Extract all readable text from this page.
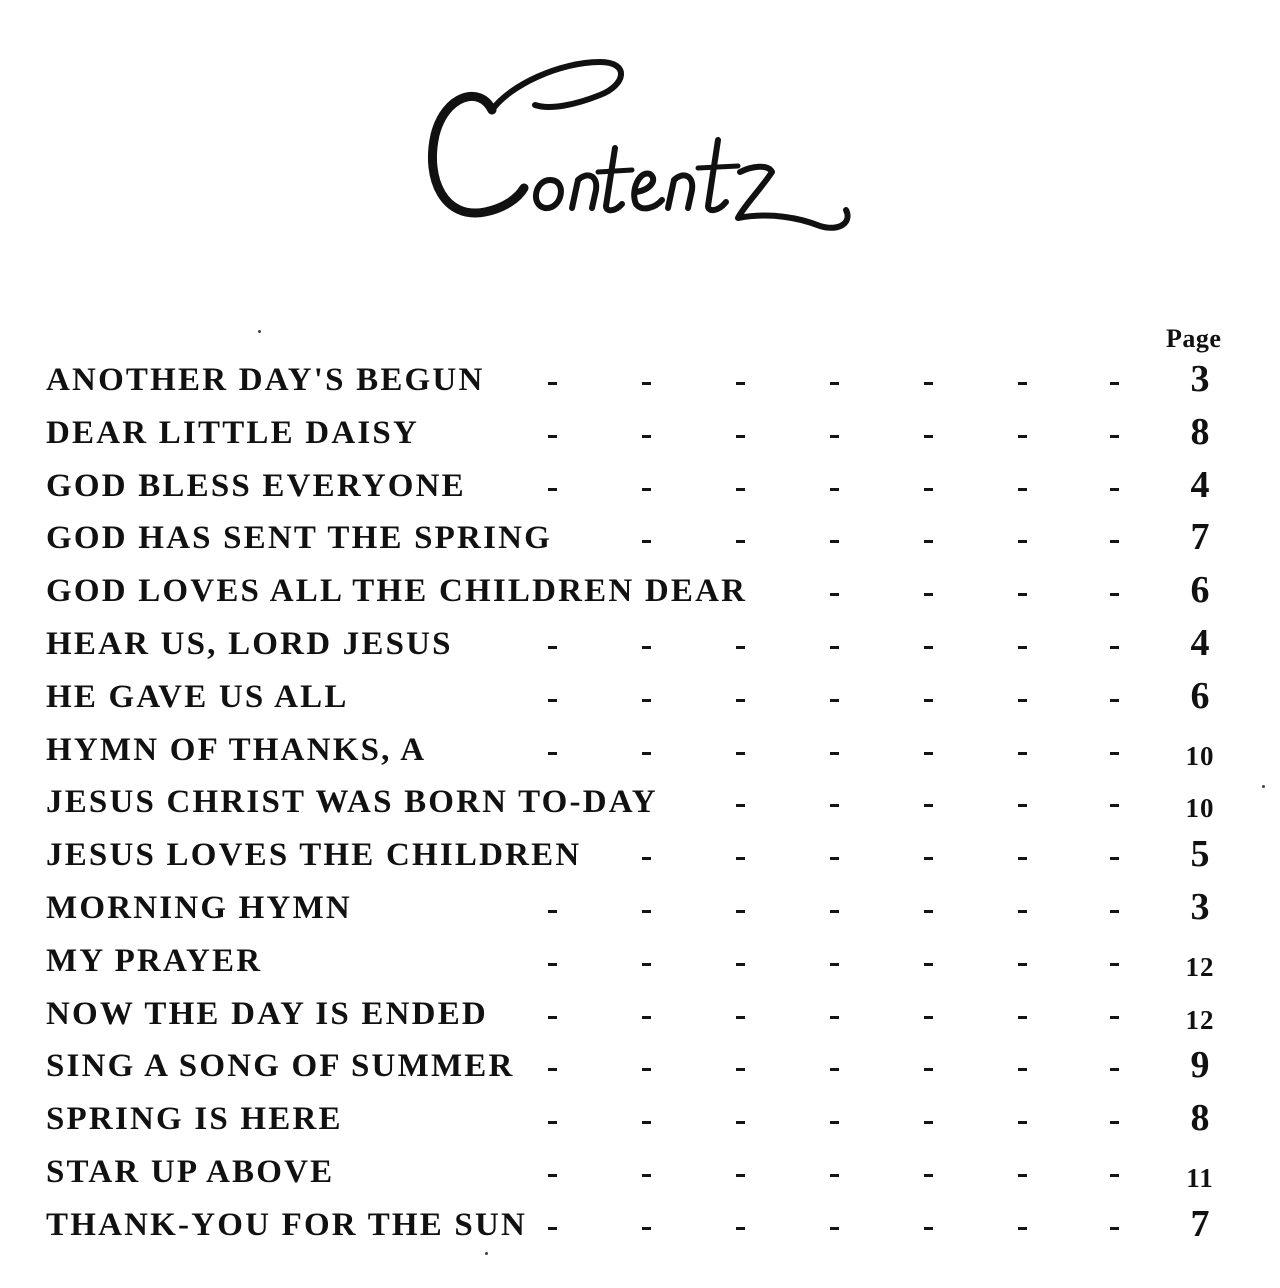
Page
ANOTHER DAY'S BEGUN	3
DEAR LITTLE DAISY	8
GOD BLESS EVERYONE	4
GOD HAS SENT THE SPRING	7
GOD LOVES ALL THE CHILDREN DEAR	6
HEAR US, LORD JESUS	4
HE GAVE US ALL	6
HYMN OF THANKS, A	10
JESUS CHRIST WAS BORN TO-DAY	10
JESUS LOVES THE CHILDREN	5
MORNING HYMN	3
MY PRAYER	12
NOW THE DAY IS ENDED	12
SING A SONG OF SUMMER	9
SPRING IS HERE	8
STAR UP ABOVE	11
THANK-YOU FOR THE SUN	7
